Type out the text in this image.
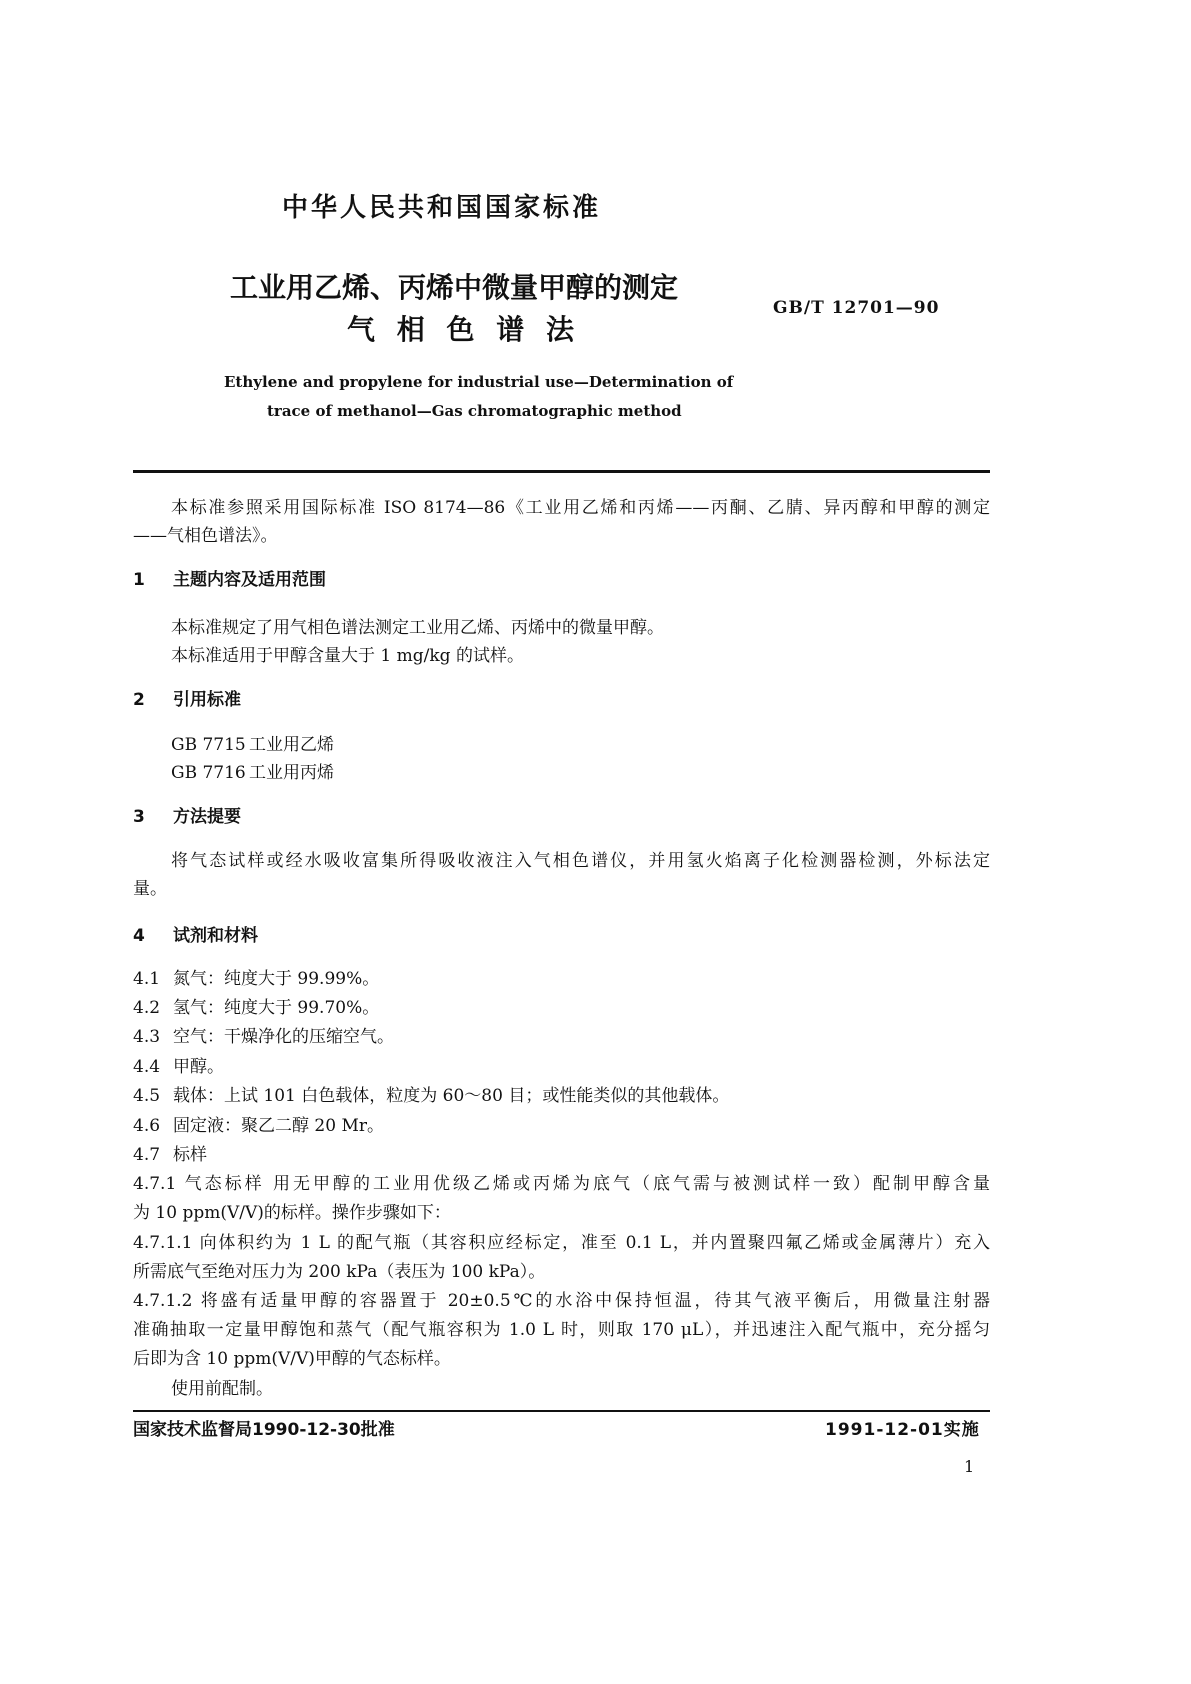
中华人民共和国国家标准
工业用乙烯、丙烯中微量甲醇的测定
气 相 色 谱 法
GB/T 12701—90
Ethylene and propylene for industrial use—Determination of
trace of methanol—Gas chromatographic method
本标准参照采用国际标准 ISO 8174—86《工业用乙烯和丙烯——丙酮、乙腈、异丙醇和甲醇的测定
——气相色谱法》。
1 主题内容及适用范围
本标准规定了用气相色谱法测定工业用乙烯、丙烯中的微量甲醇。
本标准适用于甲醇含量大于 1 mg/kg 的试样。
2 引用标准
GB 7715 工业用乙烯
GB 7716 工业用丙烯
3 方法提要
将气态试样或经水吸收富集所得吸收液注入气相色谱仪，并用氢火焰离子化检测器检测，外标法定
量。
4 试剂和材料
4.1 氮气：纯度大于 99.99%。
4.2 氢气：纯度大于 99.70%。
4.3 空气：干燥净化的压缩空气。
4.4 甲醇。
4.5 载体：上试 101 白色载体，粒度为 60～80 目；或性能类似的其他载体。
4.6 固定液：聚乙二醇 20 Mr。
4.7 标样
4.7.1 气态标样 用无甲醇的工业用优级乙烯或丙烯为底气（底气需与被测试样一致）配制甲醇含量
为 10 ppm(V/V)的标样。操作步骤如下：
4.7.1.1 向体积约为 1 L 的配气瓶（其容积应经标定，准至 0.1 L，并内置聚四氟乙烯或金属薄片）充入
所需底气至绝对压力为 200 kPa（表压为 100 kPa）。
4.7.1.2 将盛有适量甲醇的容器置于 20±0.5℃的水浴中保持恒温，待其气液平衡后，用微量注射器
准确抽取一定量甲醇饱和蒸气（配气瓶容积为 1.0 L 时，则取 170 μL），并迅速注入配气瓶中，充分摇匀
后即为含 10 ppm(V/V)甲醇的气态标样。
使用前配制。
国家技术监督局1990-12-30批准	1991-12-01实施
1
